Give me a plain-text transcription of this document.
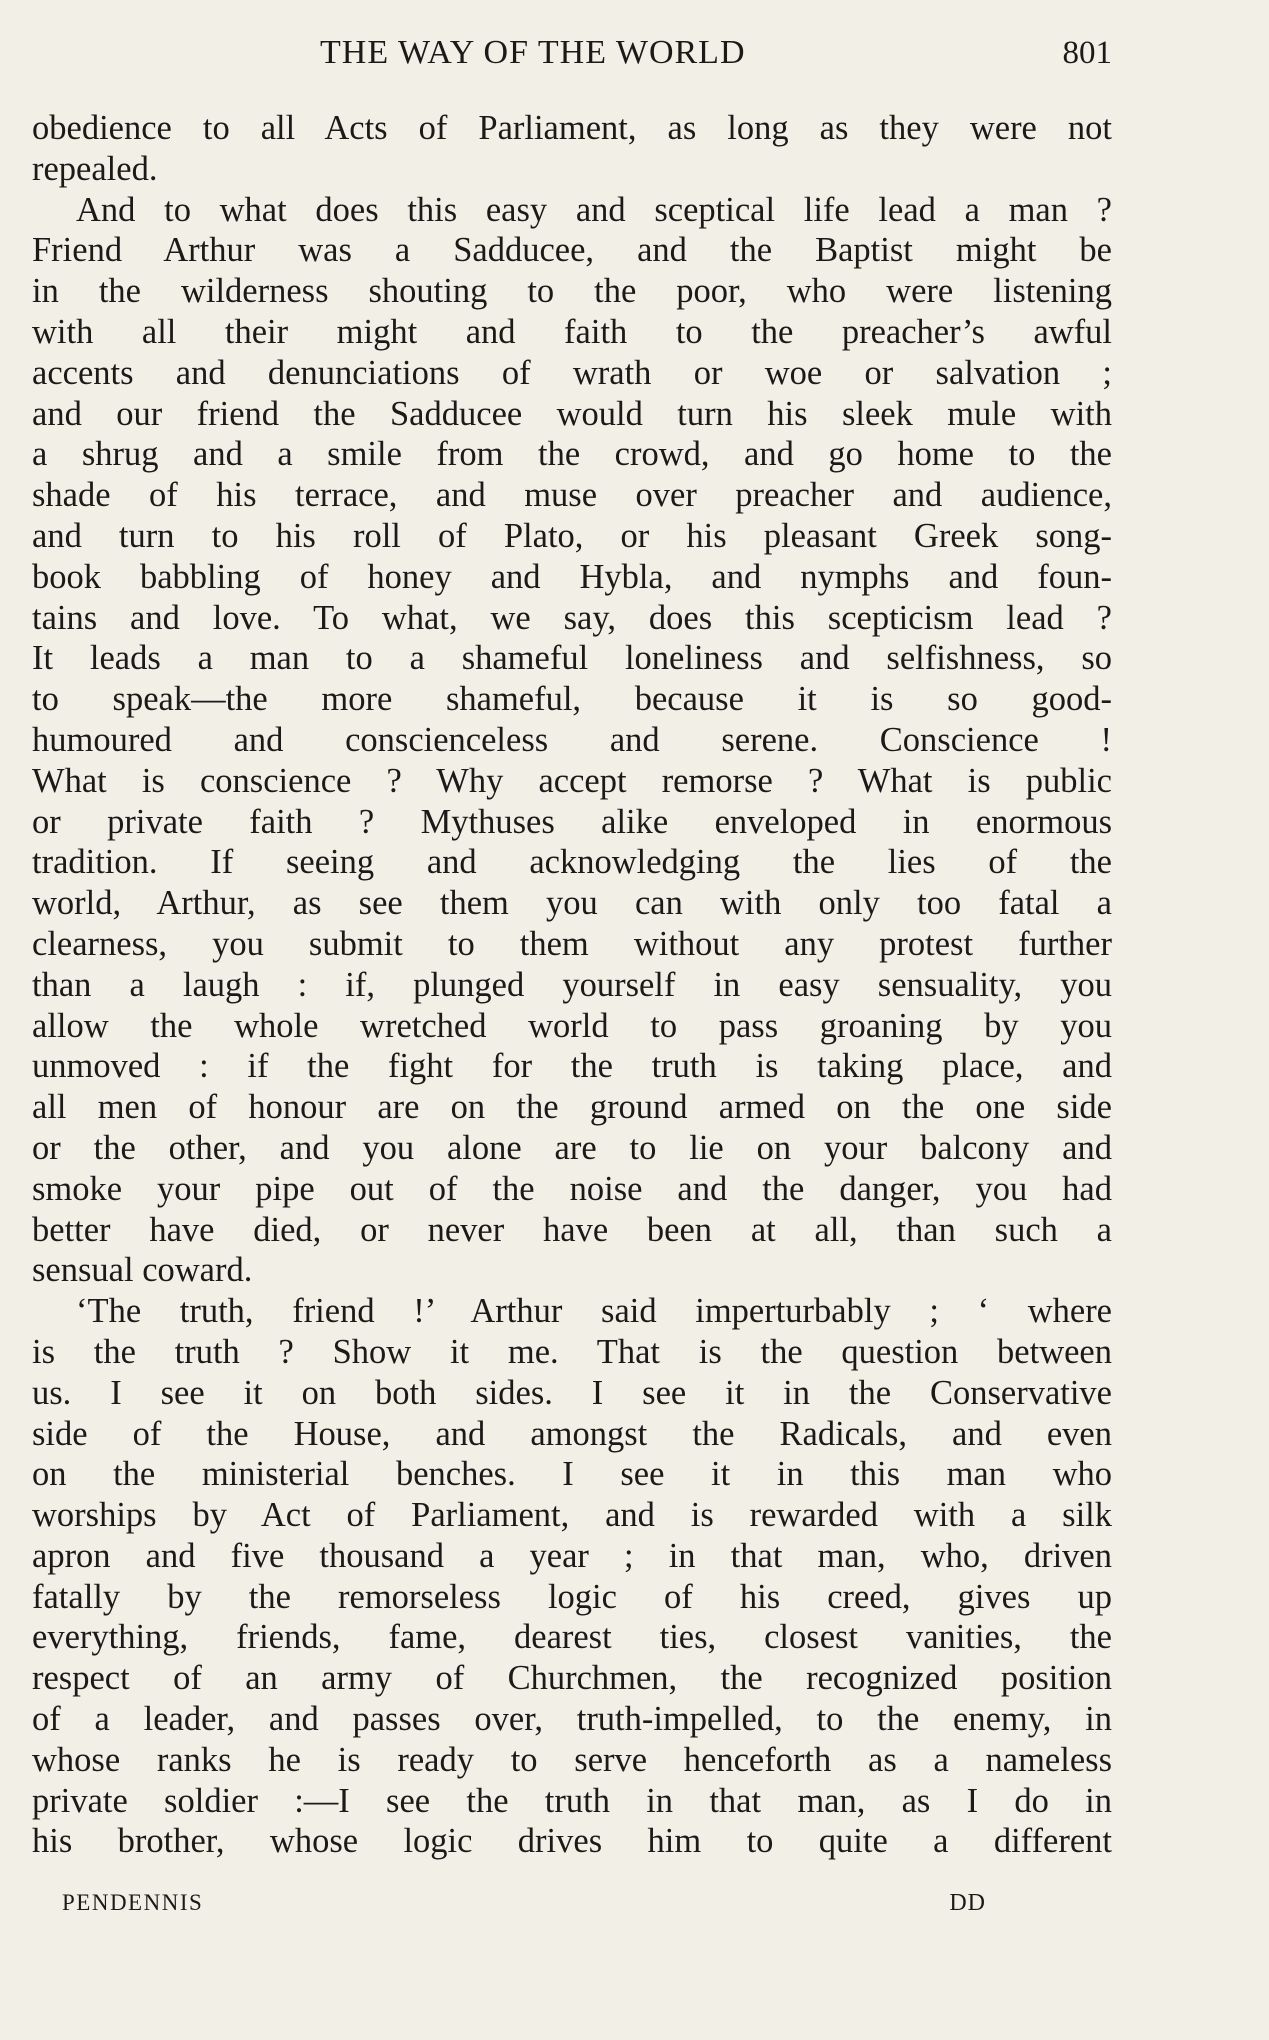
THE WAY OF THE WORLD	801
obedience to all Acts of Parliament, as long as they were not
repealed.
And to what does this easy and sceptical life lead a man ?
Friend Arthur was a Sadducee, and the Baptist might be
in the wilderness shouting to the poor, who were listening
with all their might and faith to the preacher’s awful
accents and denunciations of wrath or woe or salvation ;
and our friend the Sadducee would turn his sleek mule with
a shrug and a smile from the crowd, and go home to the
shade of his terrace, and muse over preacher and audience,
and turn to his roll of Plato, or his pleasant Greek song-
book babbling of honey and Hybla, and nymphs and foun-
tains and love. To what, we say, does this scepticism lead ?
It leads a man to a shameful loneliness and selfishness, so
to speak—the more shameful, because it is so good-
humoured and conscienceless and serene. Conscience !
What is conscience ? Why accept remorse ? What is public
or private faith ? Mythuses alike enveloped in enormous
tradition. If seeing and acknowledging the lies of the
world, Arthur, as see them you can with only too fatal a
clearness, you submit to them without any protest further
than a laugh : if, plunged yourself in easy sensuality, you
allow the whole wretched world to pass groaning by you
unmoved : if the fight for the truth is taking place, and
all men of honour are on the ground armed on the one side
or the other, and you alone are to lie on your balcony and
smoke your pipe out of the noise and the danger, you had
better have died, or never have been at all, than such a
sensual coward.
‘The truth, friend !’ Arthur said imperturbably ; ‘ where
is the truth ? Show it me. That is the question between
us. I see it on both sides. I see it in the Conservative
side of the House, and amongst the Radicals, and even
on the ministerial benches. I see it in this man who
worships by Act of Parliament, and is rewarded with a silk
apron and five thousand a year ; in that man, who, driven
fatally by the remorseless logic of his creed, gives up
everything, friends, fame, dearest ties, closest vanities, the
respect of an army of Churchmen, the recognized position
of a leader, and passes over, truth-impelled, to the enemy, in
whose ranks he is ready to serve henceforth as a nameless
private soldier :—I see the truth in that man, as I do in
his brother, whose logic drives him to quite a different
PENDENNIS	DD
